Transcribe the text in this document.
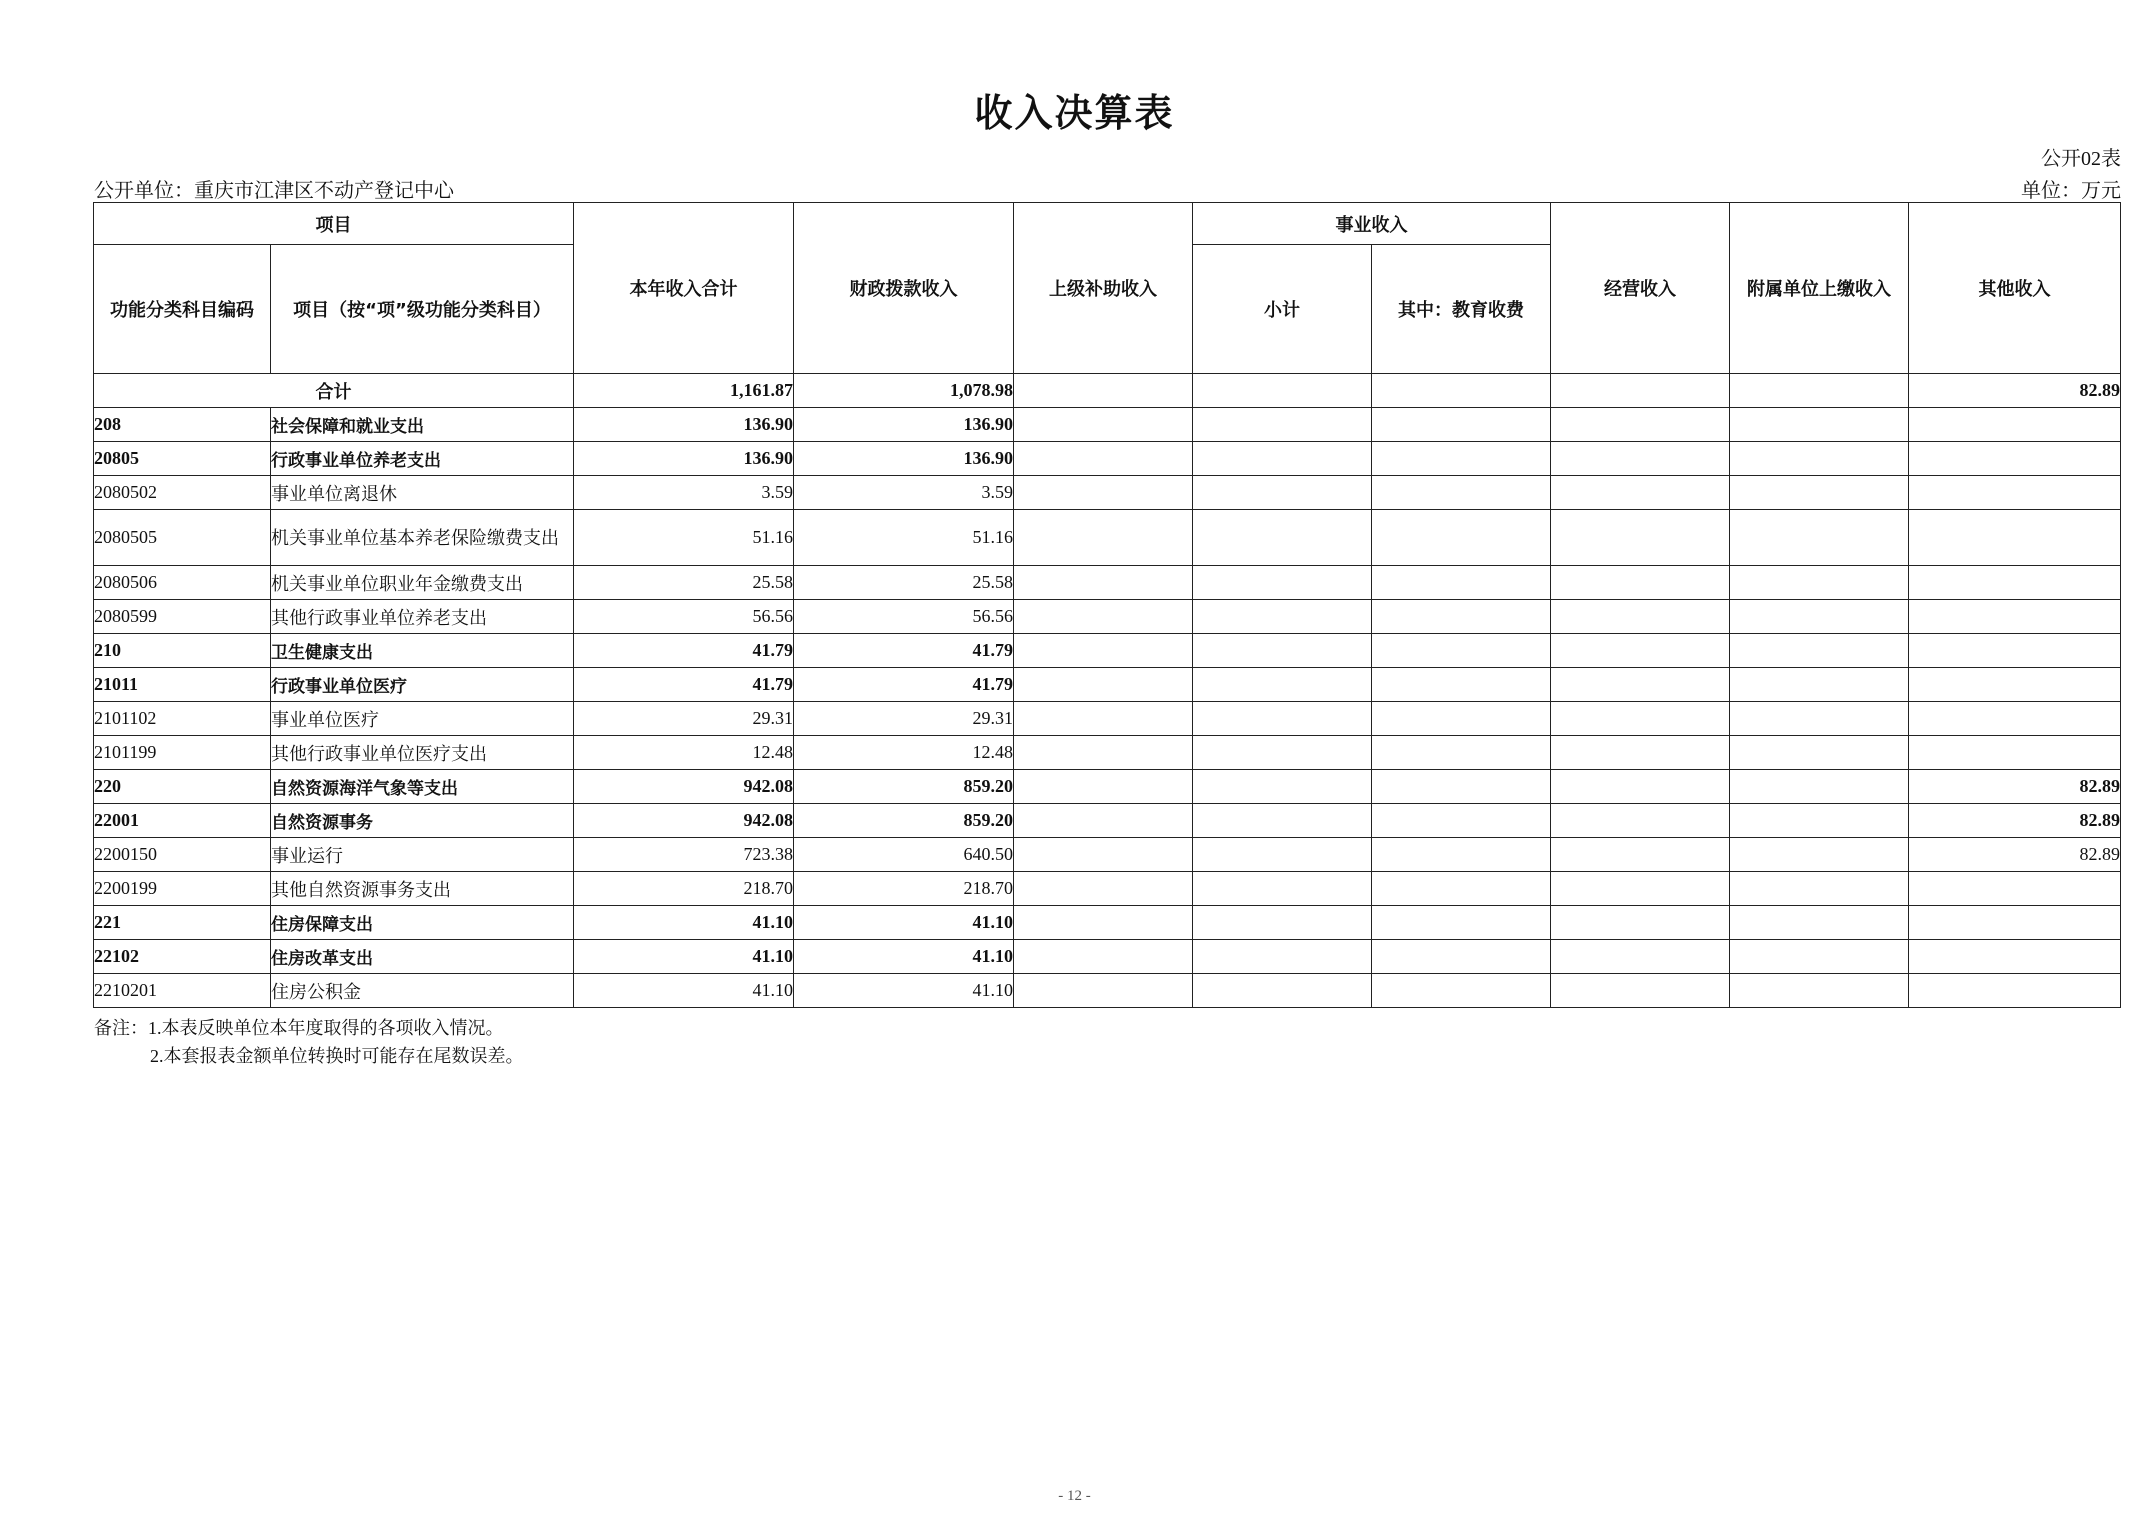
收入决算表
公开02表
公开单位：重庆市江津区不动产登记中心	单位：万元
项目		本年收入合计	财政拨款收入	上级补助收入	事业收入		经营收入	附属单位上缴收入	其他收入
功能分类科目编码	项目（按“项”级功能分类科目）				小计	其中：教育收费			
合计		1,161.87	1,078.98						82.89
208	社会保障和就业支出	136.90	136.90						
20805	行政事业单位养老支出	136.90	136.90						
2080502	事业单位离退休	3.59	3.59						
2080505	机关事业单位基本养老保险缴费支出	51.16	51.16						
2080506	机关事业单位职业年金缴费支出	25.58	25.58						
2080599	其他行政事业单位养老支出	56.56	56.56						
210	卫生健康支出	41.79	41.79						
21011	行政事业单位医疗	41.79	41.79						
2101102	事业单位医疗	29.31	29.31						
2101199	其他行政事业单位医疗支出	12.48	12.48						
220	自然资源海洋气象等支出	942.08	859.20						82.89
22001	自然资源事务	942.08	859.20						82.89
2200150	事业运行	723.38	640.50						82.89
2200199	其他自然资源事务支出	218.70	218.70						
221	住房保障支出	41.10	41.10						
22102	住房改革支出	41.10	41.10						
2210201	住房公积金	41.10	41.10						
备注：1.本表反映单位本年度取得的各项收入情况。
2.本套报表金额单位转换时可能存在尾数误差。
- 12 -
